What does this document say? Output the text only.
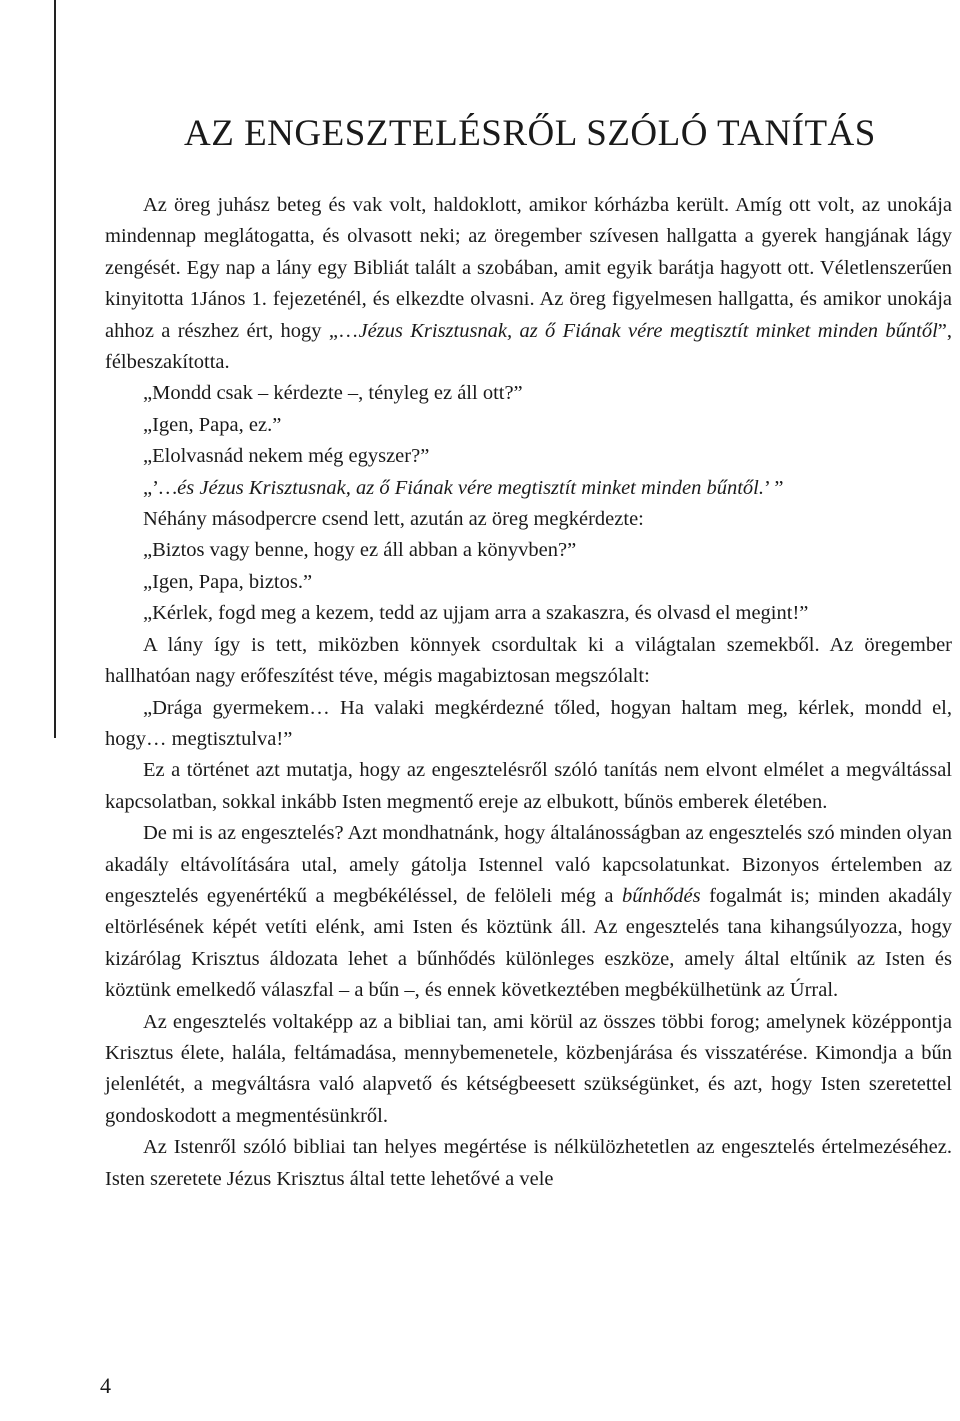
AZ ENGESZTELÉSRŐL SZÓLÓ TANÍTÁS

Az öreg juhász beteg és vak volt, haldoklott, amikor kórházba került. Amíg ott volt, az unokája mindennap meglátogatta, és olvasott neki; az öregember szívesen hallgatta a gyerek hangjának lágy zengését. Egy nap a lány egy Bibliát talált a szobában, amit egyik barátja hagyott ott. Véletlenszerűen kinyitotta 1János 1. fejezeténél, és elkezdte olvasni. Az öreg figyelmesen hallgatta, és amikor unokája ahhoz a részhez ért, hogy „…Jézus Krisztusnak, az ő Fiának vére megtisztít minket minden bűntől”, félbeszakította.

„Mondd csak – kérdezte –, tényleg ez áll ott?”

„Igen, Papa, ez.”

„Elolvasnád nekem még egyszer?”

„’…és Jézus Krisztusnak, az ő Fiának vére megtisztít minket minden bűntől.’ ”

Néhány másodpercre csend lett, azután az öreg megkérdezte:

„Biztos vagy benne, hogy ez áll abban a könyvben?”

„Igen, Papa, biztos.”

„Kérlek, fogd meg a kezem, tedd az ujjam arra a szakaszra, és olvasd el megint!”

A lány így is tett, miközben könnyek csordultak ki a világtalan szemekből. Az öregember hallhatóan nagy erőfeszítést téve, mégis magabiztosan megszólalt:

„Drága gyermekem… Ha valaki megkérdezné tőled, hogyan haltam meg, kérlek, mondd el, hogy… megtisztulva!”

Ez a történet azt mutatja, hogy az engesztelésről szóló tanítás nem elvont elmélet a megváltással kapcsolatban, sokkal inkább Isten megmentő ereje az elbukott, bűnös emberek életében.

De mi is az engesztelés? Azt mondhatnánk, hogy általánosságban az engesztelés szó minden olyan akadály eltávolítására utal, amely gátolja Istennel való kapcsolatunkat. Bizonyos értelemben az engesztelés egyenértékű a megbékéléssel, de felöleli még a bűnhődés fogalmát is; minden akadály eltörlésének képét vetíti elénk, ami Isten és köztünk áll. Az engesztelés tana kihangsúlyozza, hogy kizárólag Krisztus áldozata lehet a bűnhődés különleges eszköze, amely által eltűnik az Isten és köztünk emelkedő válaszfal – a bűn –, és ennek következtében megbékülhetünk az Úrral.

Az engesztelés voltaképp az a bibliai tan, ami körül az összes többi forog; amelynek középpontja Krisztus élete, halála, feltámadása, mennybemenetele, közbenjárása és visszatérése. Kimondja a bűn jelenlétét, a megváltásra való alapvető és kétségbeesett szükségünket, és azt, hogy Isten szeretettel gondoskodott a megmentésünkről.

Az Istenről szóló bibliai tan helyes megértése is nélkülözhetetlen az engesztelés értelmezéséhez. Isten szeretete Jézus Krisztus által tette lehetővé a vele

4
